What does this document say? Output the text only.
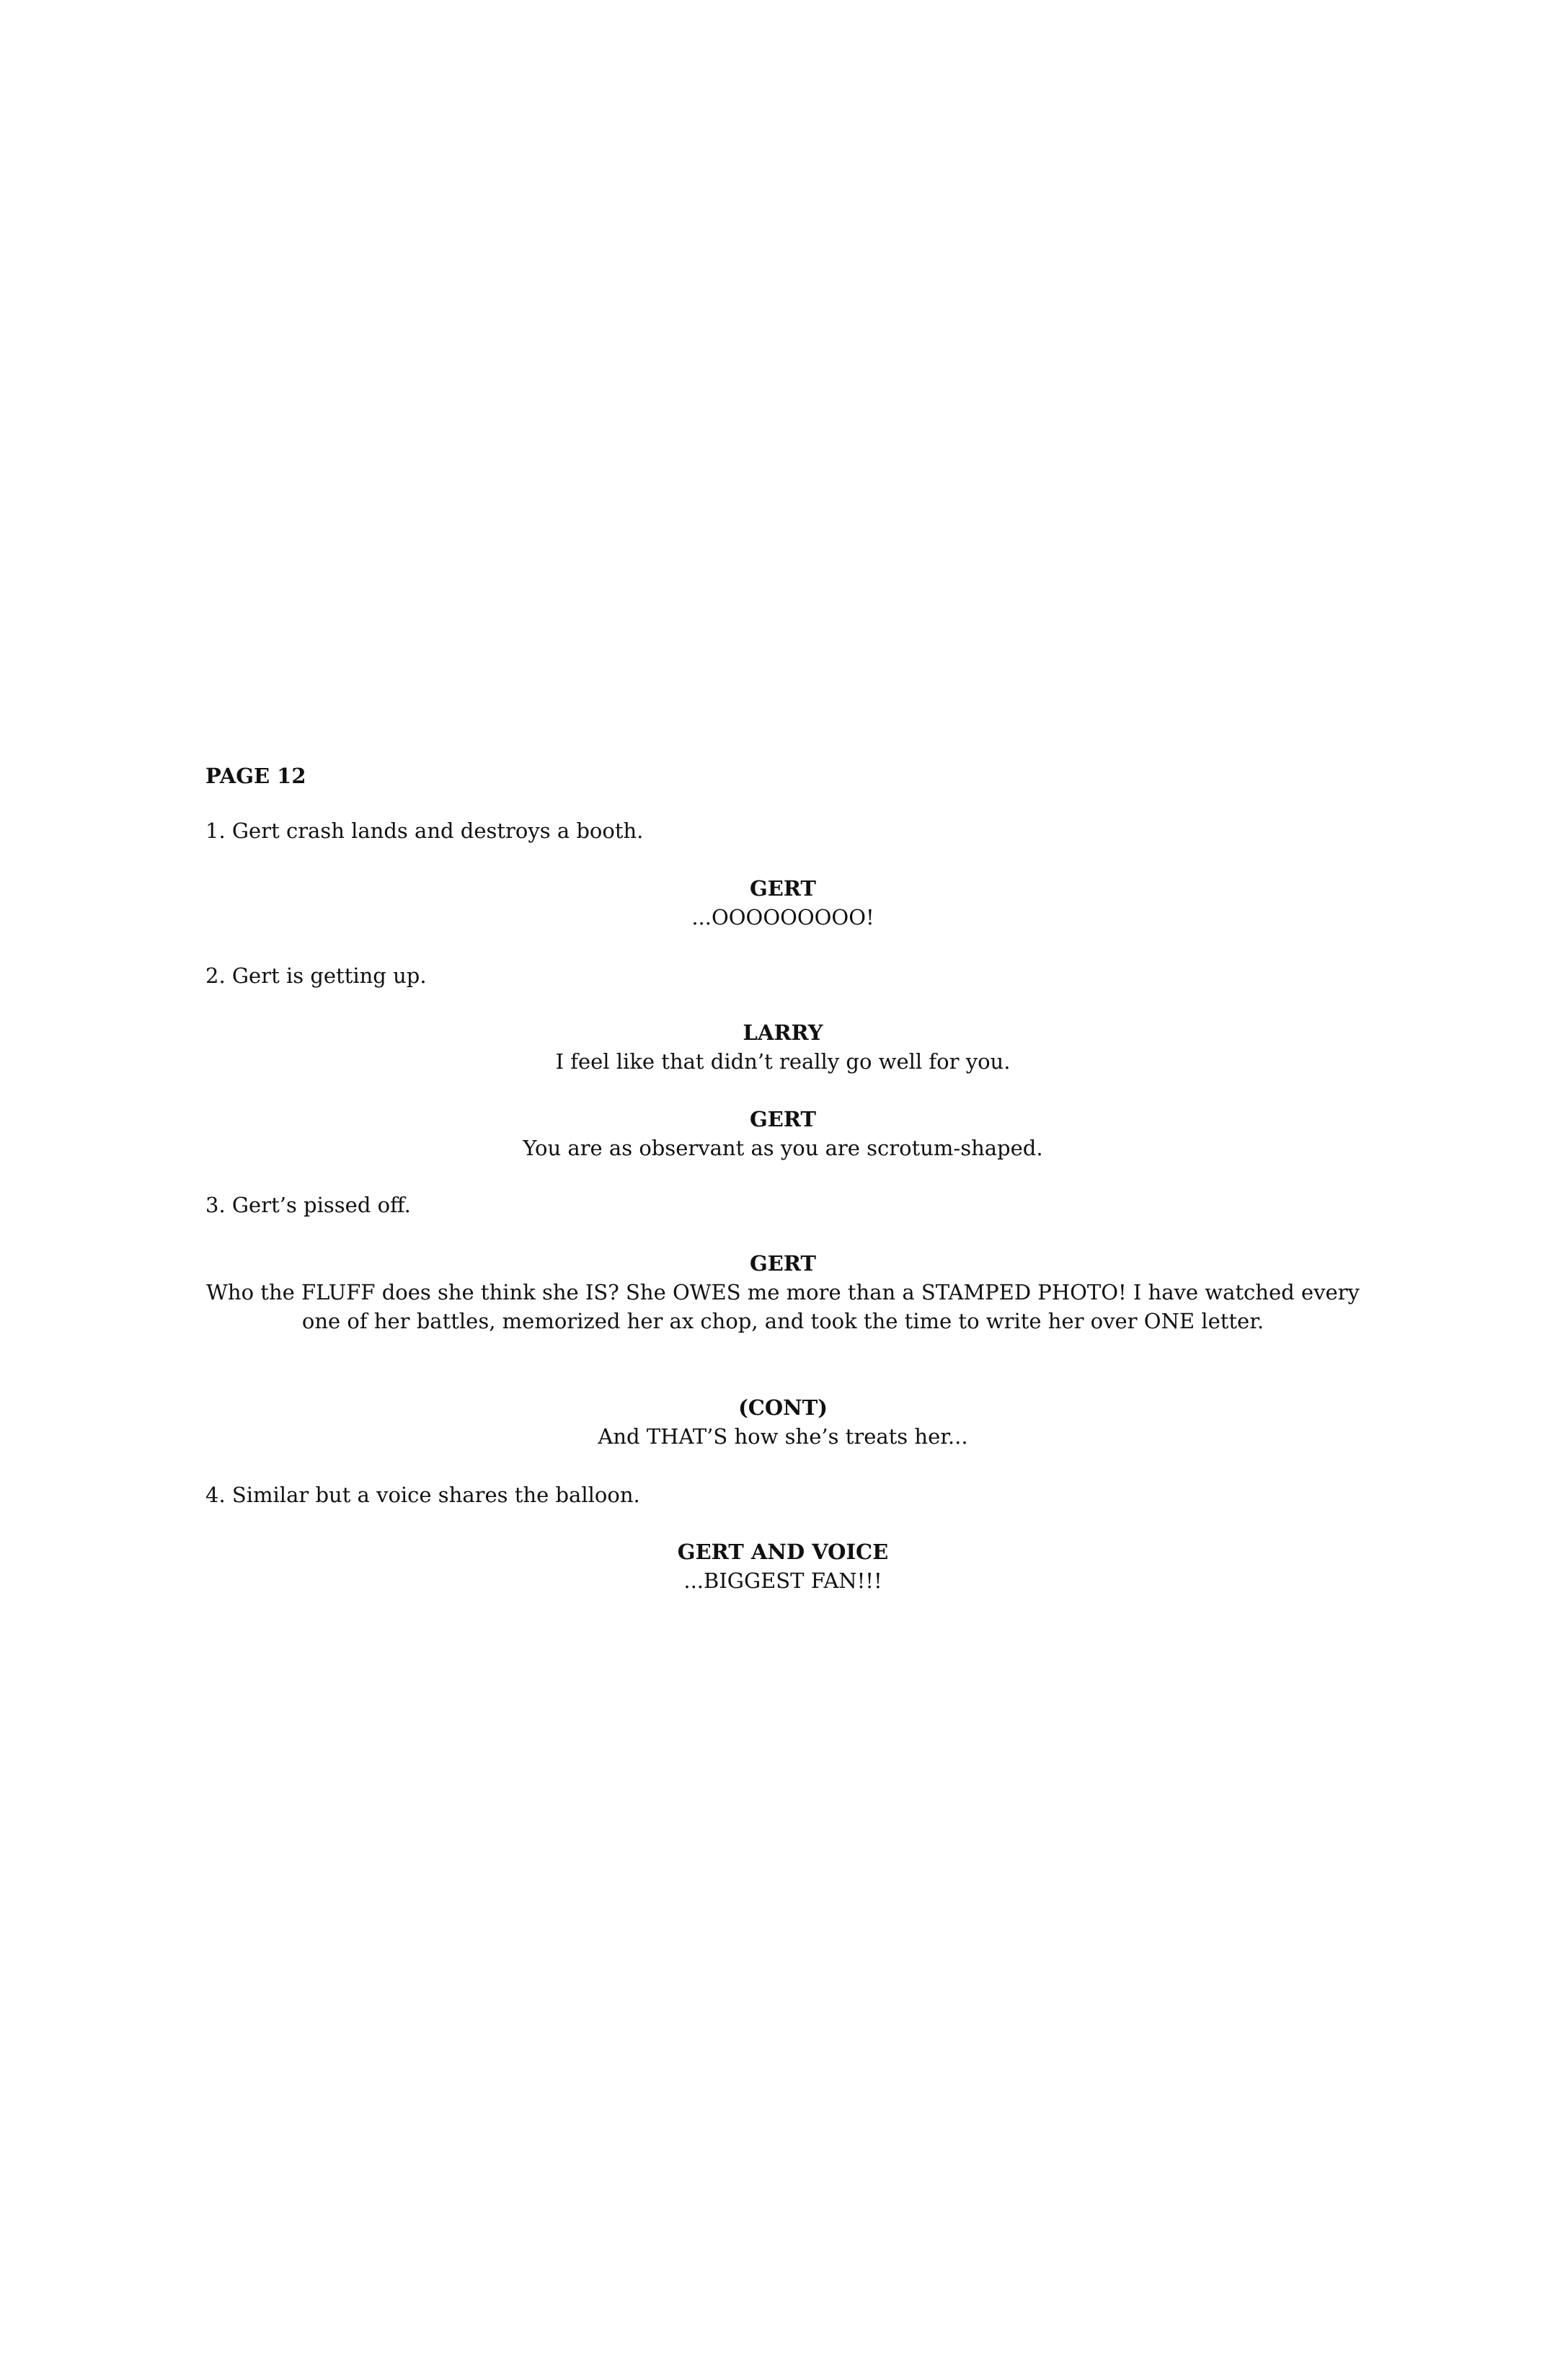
PAGE 12
1. Gert crash lands and destroys a booth.
GERT
...OOOOOOOOO!
2. Gert is getting up.
LARRY
I feel like that didn’t really go well for you.
GERT
You are as observant as you are scrotum-shaped.
3. Gert’s pissed off.
GERT
Who the FLUFF does she think she IS? She OWES me more than a STAMPED PHOTO! I have watched every one of her battles, memorized her ax chop, and took the time to write her over ONE letter.
(CONT)
And THAT’S how she’s treats her...
4. Similar but a voice shares the balloon.
GERT AND VOICE
...BIGGEST FAN!!!
